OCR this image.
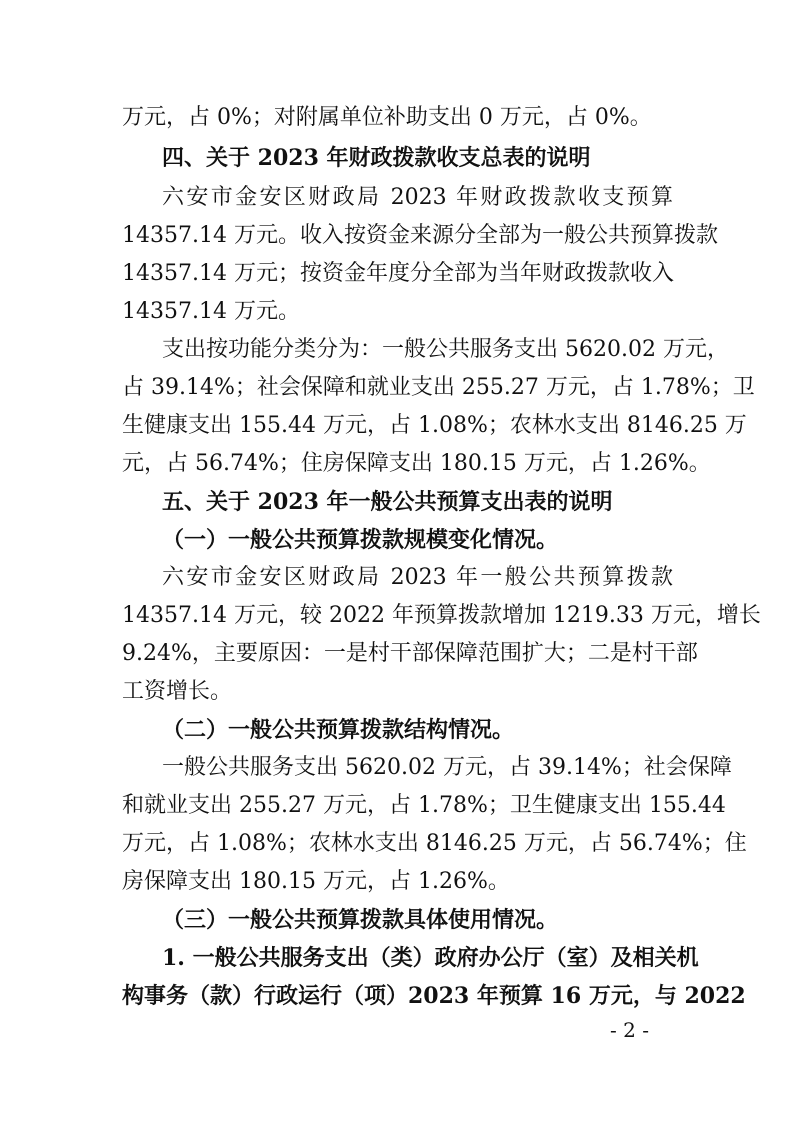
万元，占 0%；对附属单位补助支出 0 万元，占 0%。
四、关于 2023 年财政拨款收支总表的说明
六安市金安区财政局 2023 年财政拨款收支预算
14357.14 万元。收入按资金来源分全部为一般公共预算拨款
14357.14 万元；按资金年度分全部为当年财政拨款收入
14357.14 万元。
支出按功能分类分为：一般公共服务支出 5620.02 万元，
占 39.14%；社会保障和就业支出 255.27 万元，占 1.78%；卫
生健康支出 155.44 万元，占 1.08%；农林水支出 8146.25 万
元，占 56.74%；住房保障支出 180.15 万元，占 1.26%。
五、关于 2023 年一般公共预算支出表的说明
（一）一般公共预算拨款规模变化情况。
六安市金安区财政局 2023 年一般公共预算拨款
14357.14 万元，较 2022 年预算拨款增加 1219.33 万元，增长
9.24%，主要原因：一是村干部保障范围扩大；二是村干部
工资增长。
（二）一般公共预算拨款结构情况。
一般公共服务支出 5620.02 万元，占 39.14%；社会保障
和就业支出 255.27 万元，占 1.78%；卫生健康支出 155.44
万元，占 1.08%；农林水支出 8146.25 万元，占 56.74%；住
房保障支出 180.15 万元，占 1.26%。
（三）一般公共预算拨款具体使用情况。
1. 一般公共服务支出（类）政府办公厅（室）及相关机
构事务（款）行政运行（项）2023 年预算 16 万元，与 2022
- 2 -
